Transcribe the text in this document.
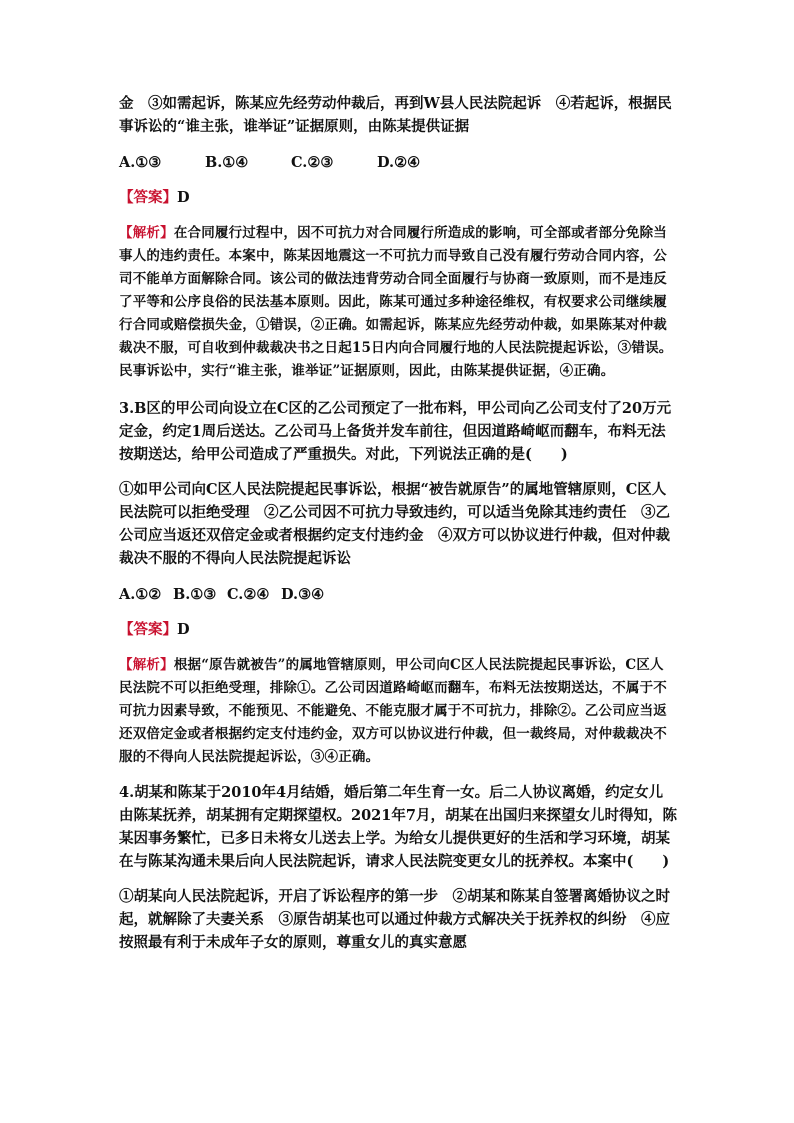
金　③如需起诉，陈某应先经劳动仲裁后，再到W县人民法院起诉　④若起诉，根据民事诉讼的“谁主张，谁举证”证据原则，由陈某提供证据

A.①③	B.①④	C.②③	D.②④
【答案】D

【解析】在合同履行过程中，因不可抗力对合同履行所造成的影响，可全部或者部分免除当事人的违约责任。本案中，陈某因地震这一不可抗力而导致自己没有履行劳动合同内容，公司不能单方面解除合同。该公司的做法违背劳动合同全面履行与协商一致原则，而不是违反了平等和公序良俗的民法基本原则。因此，陈某可通过多种途径维权，有权要求公司继续履行合同或赔偿损失金，①错误，②正确。如需起诉，陈某应先经劳动仲裁，如果陈某对仲裁裁决不服，可自收到仲裁裁决书之日起15日内向合同履行地的人民法院提起诉讼，③错误。民事诉讼中，实行“谁主张，谁举证”证据原则，因此，由陈某提供证据，④正确。

3.B区的甲公司向设立在C区的乙公司预定了一批布料，甲公司向乙公司支付了20万元定金，约定1周后送达。乙公司马上备货并发车前往，但因道路崎岖而翻车，布料无法按期送达，给甲公司造成了严重损失。对此，下列说法正确的是(　　)

①如甲公司向C区人民法院提起民事诉讼，根据“被告就原告”的属地管辖原则，C区人民法院可以拒绝受理　②乙公司因不可抗力导致违约，可以适当免除其违约责任　③乙公司应当返还双倍定金或者根据约定支付违约金　④双方可以协议进行仲裁，但对仲裁裁决不服的不得向人民法院提起诉讼

A.①② B.①③ C.②④ D.③④
【答案】D

【解析】根据“原告就被告”的属地管辖原则，甲公司向C区人民法院提起民事诉讼，C区人民法院不可以拒绝受理，排除①。乙公司因道路崎岖而翻车，布料无法按期送达，不属于不可抗力因素导致，不能预见、不能避免、不能克服才属于不可抗力，排除②。乙公司应当返还双倍定金或者根据约定支付违约金，双方可以协议进行仲裁，但一裁终局，对仲裁裁决不服的不得向人民法院提起诉讼，③④正确。

4.胡某和陈某于2010年4月结婚，婚后第二年生育一女。后二人协议离婚，约定女儿由陈某抚养，胡某拥有定期探望权。2021年7月，胡某在出国归来探望女儿时得知，陈某因事务繁忙，已多日未将女儿送去上学。为给女儿提供更好的生活和学习环境，胡某在与陈某沟通未果后向人民法院起诉，请求人民法院变更女儿的抚养权。本案中(　　)

①胡某向人民法院起诉，开启了诉讼程序的第一步　②胡某和陈某自签署离婚协议之时起，就解除了夫妻关系　③原告胡某也可以通过仲裁方式解决关于抚养权的纠纷　④应按照最有利于未成年子女的原则，尊重女儿的真实意愿
